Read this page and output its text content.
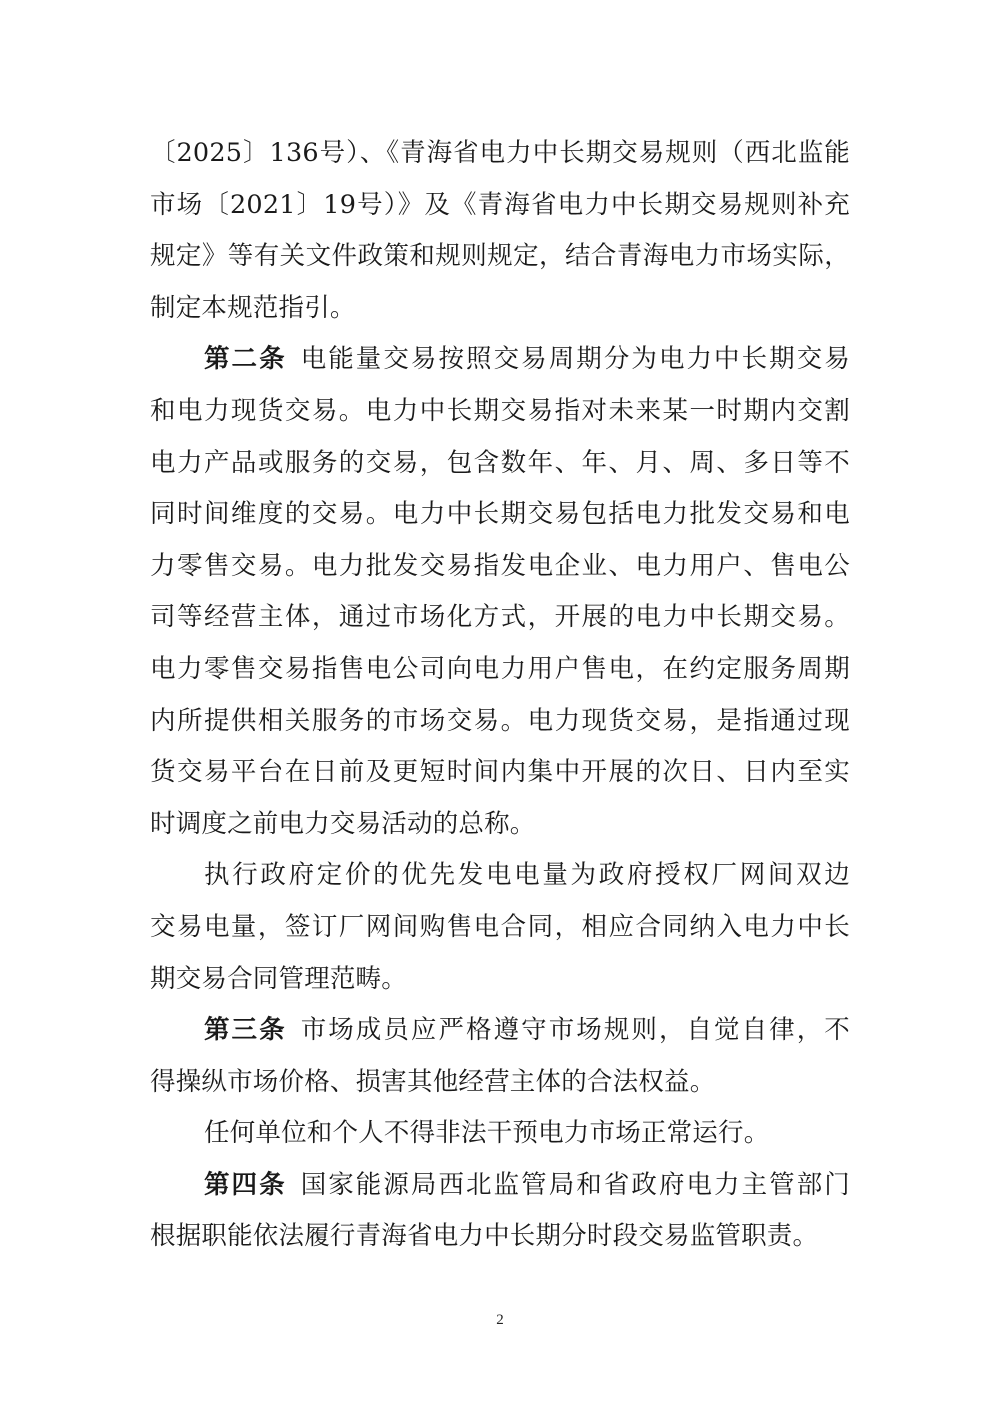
〔2025〕136号）、《青海省电力中长期交易规则（西北监能
市场〔2021〕19号）》及《青海省电力中长期交易规则补充
规定》等有关文件政策和规则规定，结合青海电力市场实际，
制定本规范指引。
第二条 电能量交易按照交易周期分为电力中长期交易
和电力现货交易。电力中长期交易指对未来某一时期内交割
电力产品或服务的交易，包含数年、年、月、周、多日等不
同时间维度的交易。电力中长期交易包括电力批发交易和电
力零售交易。电力批发交易指发电企业、电力用户、售电公
司等经营主体，通过市场化方式，开展的电力中长期交易。
电力零售交易指售电公司向电力用户售电，在约定服务周期
内所提供相关服务的市场交易。电力现货交易，是指通过现
货交易平台在日前及更短时间内集中开展的次日、日内至实
时调度之前电力交易活动的总称。
执行政府定价的优先发电电量为政府授权厂网间双边
交易电量，签订厂网间购售电合同，相应合同纳入电力中长
期交易合同管理范畴。
第三条 市场成员应严格遵守市场规则，自觉自律，不
得操纵市场价格、损害其他经营主体的合法权益。
任何单位和个人不得非法干预电力市场正常运行。
第四条 国家能源局西北监管局和省政府电力主管部门
根据职能依法履行青海省电力中长期分时段交易监管职责。
2
